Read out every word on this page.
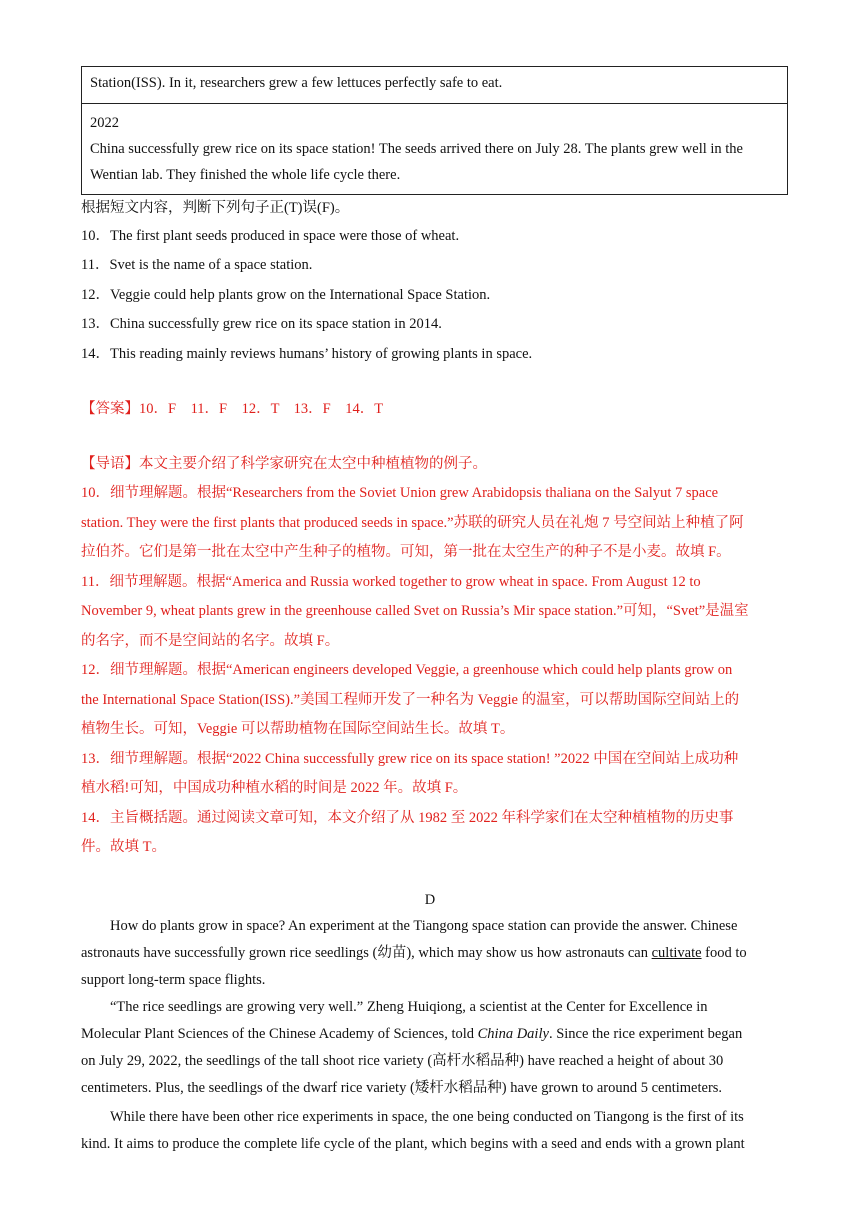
Station(ISS). In it, researchers grew a few lettuces perfectly safe to eat.
2022
China successfully grew rice on its space station! The seeds arrived there on July 28. The plants grew well in the
Wentian lab. They finished the whole life cycle there.
根据短文内容，判断下列句子正(T)误(F)。
10．The first plant seeds produced in space were those of wheat.
11．Svet is the name of a space station.
12．Veggie could help plants grow on the International Space Station.
13．China successfully grew rice on its space station in 2014.
14．This reading mainly reviews humans’ history of growing plants in space.
【答案】10．F    11．F    12．T    13．F    14．T
【导语】本文主要介绍了科学家研究在太空中种植植物的例子。
10．细节理解题。根据“Researchers from the Soviet Union grew Arabidopsis thaliana on the Salyut 7 space
station. They were the first plants that produced seeds in space.”苏联的研究人员在礼炮 7 号空间站上种植了阿
拉伯芥。它们是第一批在太空中产生种子的植物。可知，第一批在太空生产的种子不是小麦。故填 F。
11．细节理解题。根据“America and Russia worked together to grow wheat in space. From August 12 to
November 9, wheat plants grew in the greenhouse called Svet on Russia’s Mir space station.”可知，“Svet”是温室
的名字，而不是空间站的名字。故填 F。
12．细节理解题。根据“American engineers developed Veggie, a greenhouse which could help plants grow on
the International Space Station(ISS).”美国工程师开发了一种名为 Veggie 的温室，可以帮助国际空间站上的
植物生长。可知，Veggie 可以帮助植物在国际空间站生长。故填 T。
13．细节理解题。根据“2022 China successfully grew rice on its space station! ”2022 中国在空间站上成功种
植水稻!可知，中国成功种植水稻的时间是 2022 年。故填 F。
14．主旨概括题。通过阅读文章可知，本文介绍了从 1982 至 2022 年科学家们在太空种植植物的历史事
件。故填 T。
D
How do plants grow in space? An experiment at the Tiangong space station can provide the answer. Chinese
astronauts have successfully grown rice seedlings (幼苗), which may show us how astronauts can cultivate food to
support long-term space flights.
“The rice seedlings are growing very well.” Zheng Huiqiong, a scientist at the Center for Excellence in
Molecular Plant Sciences of the Chinese Academy of Sciences, told China Daily. Since the rice experiment began
on July 29, 2022, the seedlings of the tall shoot rice variety (高杆水稻品种) have reached a height of about 30
centimeters. Plus, the seedlings of the dwarf rice variety (矮杆水稻品种) have grown to around 5 centimeters.
While there have been other rice experiments in space, the one being conducted on Tiangong is the first of its
kind. It aims to produce the complete life cycle of the plant, which begins with a seed and ends with a grown plant
